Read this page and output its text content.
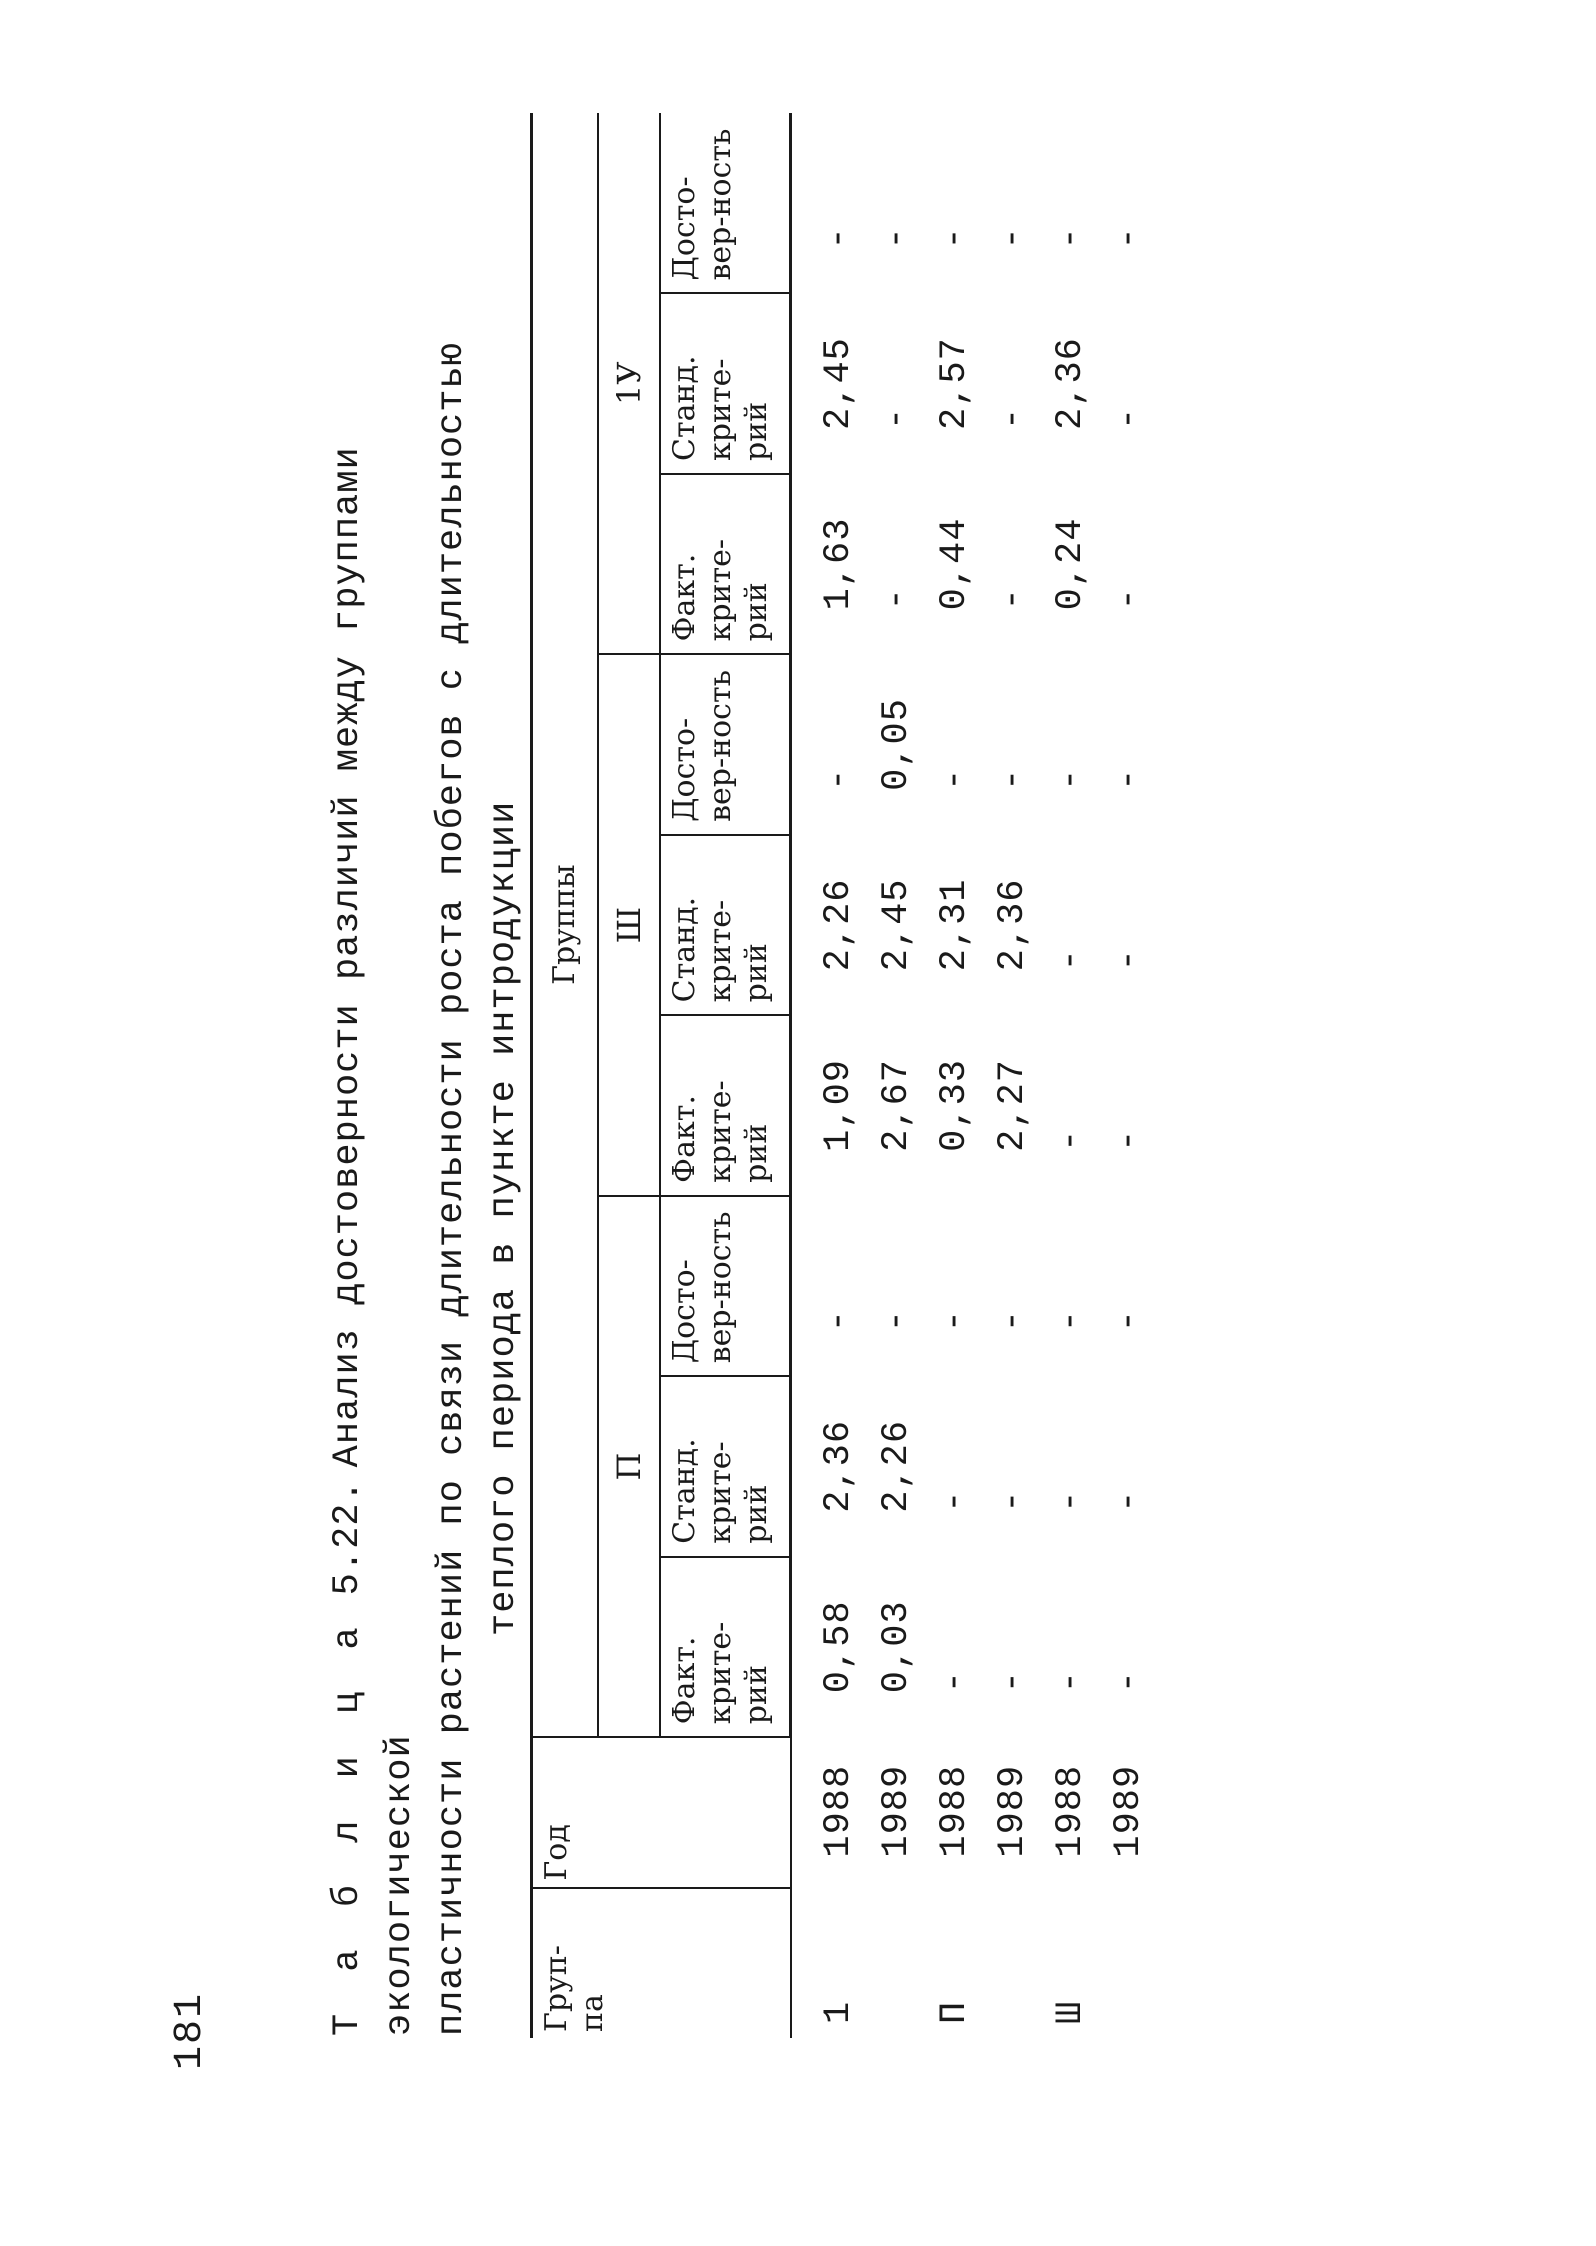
181	Т а б л и ц а5.22.Анализ достоверности различий между группами экологической пластичности растений по связи длительности роста побегов с длительностью теплого периода в пункте интродукции
Груп-
па	Год	Группы								
		П			Ш			1У		
		Факт. крите-рий	Станд. крите-рий	Досто-вер-ность	Факт. крите-рий	Станд. крите-рий	Досто-вер-ность	Факт. крите-рий	Станд. крите-рий	Досто-вер-ность
1	1988	0,58	2,36	-	1,09	2,26	-	1,63	2,45	-
	1989	0,03	2,26	-	2,67	2,45	0,05	-	-	-
П	1988	-	-	-	0,33	2,31	-	0,44	2,57	-
	1989	-	-	-	2,27	2,36	-	-	-	-
Ш	1988	-	-	-	-	-	-	0,24	2,36	-
	1989	-	-	-	-	-	-	-	-	-
